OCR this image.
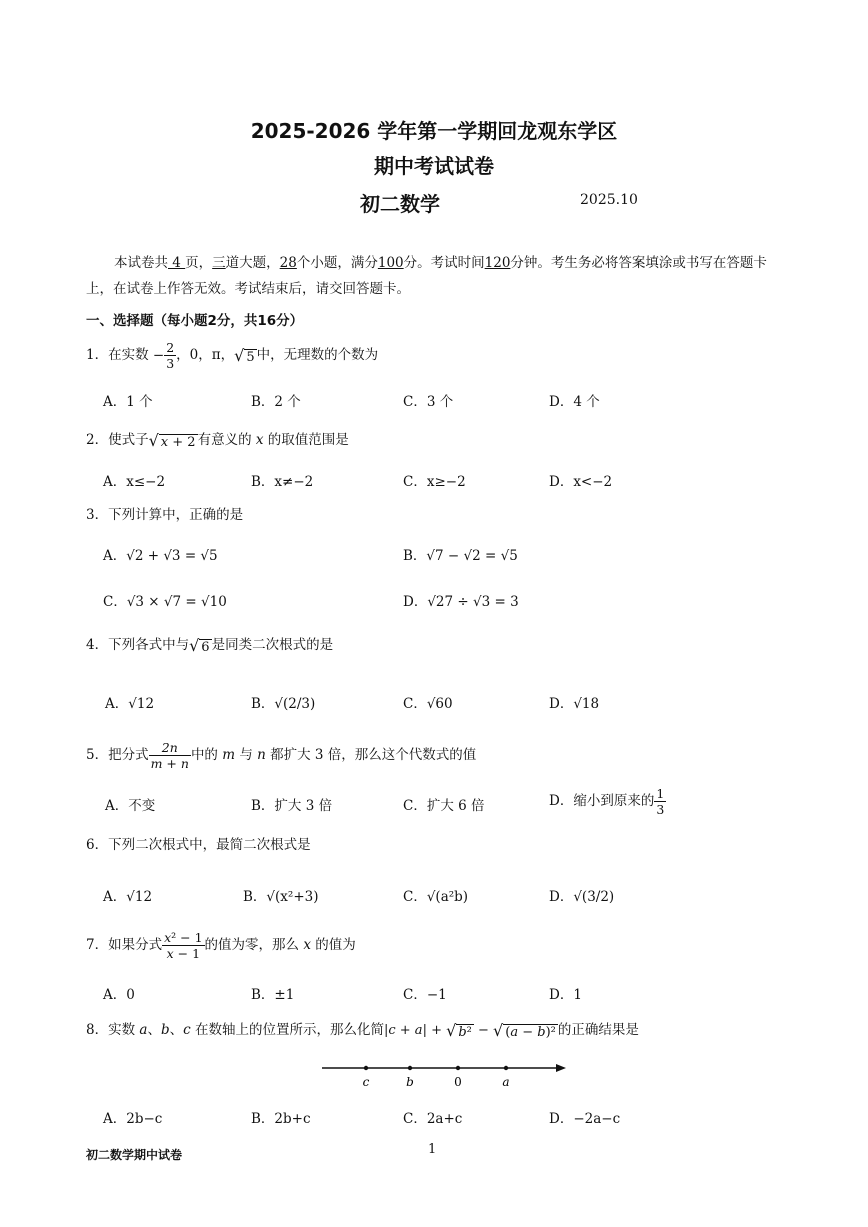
2025-2026 学年第一学期回龙观东学区
期中考试试卷
初二数学	2025.10
本试卷共 4 页，三道大题，28个小题，满分100分。考试时间120分钟。考生务必将答案填涂或书写在答题卡上，在试卷上作答无效。考试结束后，请交回答题卡。
一、选择题（每小题2分，共16分）
1．在实数 − $\frac{2}{3}$ ，0，π，√ 5 中，无理数的个数为
A．1 个	B．2 个	C．3 个	D．4 个
2．使式子√ x + 2 有意义的 x 的取值范围是
A．x≤−2	B．x≠−2	C．x≥−2	D．x<−2
3．下列计算中，正确的是
A．√2 + √3 = √5	B．√7 − √2 = √5
C．√3 × √7 = √10	D．√27 ÷ √3 = 3
4．下列各式中与√ 6 是同类二次根式的是
A．√12	B．√(2/3)	C．√60	D．√18
5．把分式 $\frac{2n}{m + n}$ 中的 m 与 n 都扩大 3 倍，那么这个代数式的值
A．不变	B．扩大 3 倍	C．扩大 6 倍	D．缩小到原来的 $\frac{1}{3}$
6．下列二次根式中，最简二次根式是
A．√12	B．√(x²+3)	C．√(a²b)	D．√(3/2)
7．如果分式 $\frac{\text{x² − 1}}{x - 1}$ 的值为零，那么 x 的值为
A．0	B．±1	C．−1	D．1
8．实数 a、b、c 在数轴上的位置所示，那么化简|c + a| + √ b² − √ (a − b)² 的正确结果是
c	b	0	a
A．2b−c	B．2b+c	C．2a+c	D．−2a−c
初二数学期中试卷	1
